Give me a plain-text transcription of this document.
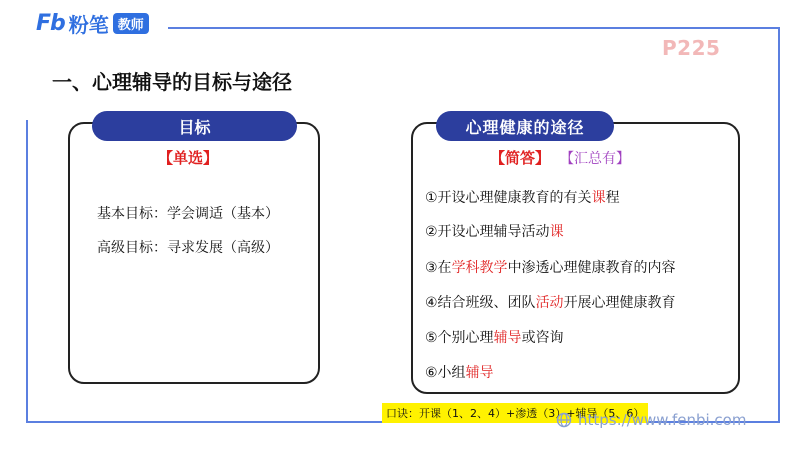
Fb 粉笔 教师
P225
一、心理辅导的目标与途径
目标
【单选】
基本目标：学会调适（基本）
高级目标：寻求发展（高级）
心理健康的途径
【简答】 【汇总有】
①开设心理健康教育的有关课程
②开设心理辅导活动课
③在学科教学中渗透心理健康教育的内容
④结合班级、团队活动开展心理健康教育
⑤个别心理辅导或咨询
⑥小组辅导
口诀：开课（1、2、4）+渗透（3）+辅导（5、6）
https://www.fenbi.com
